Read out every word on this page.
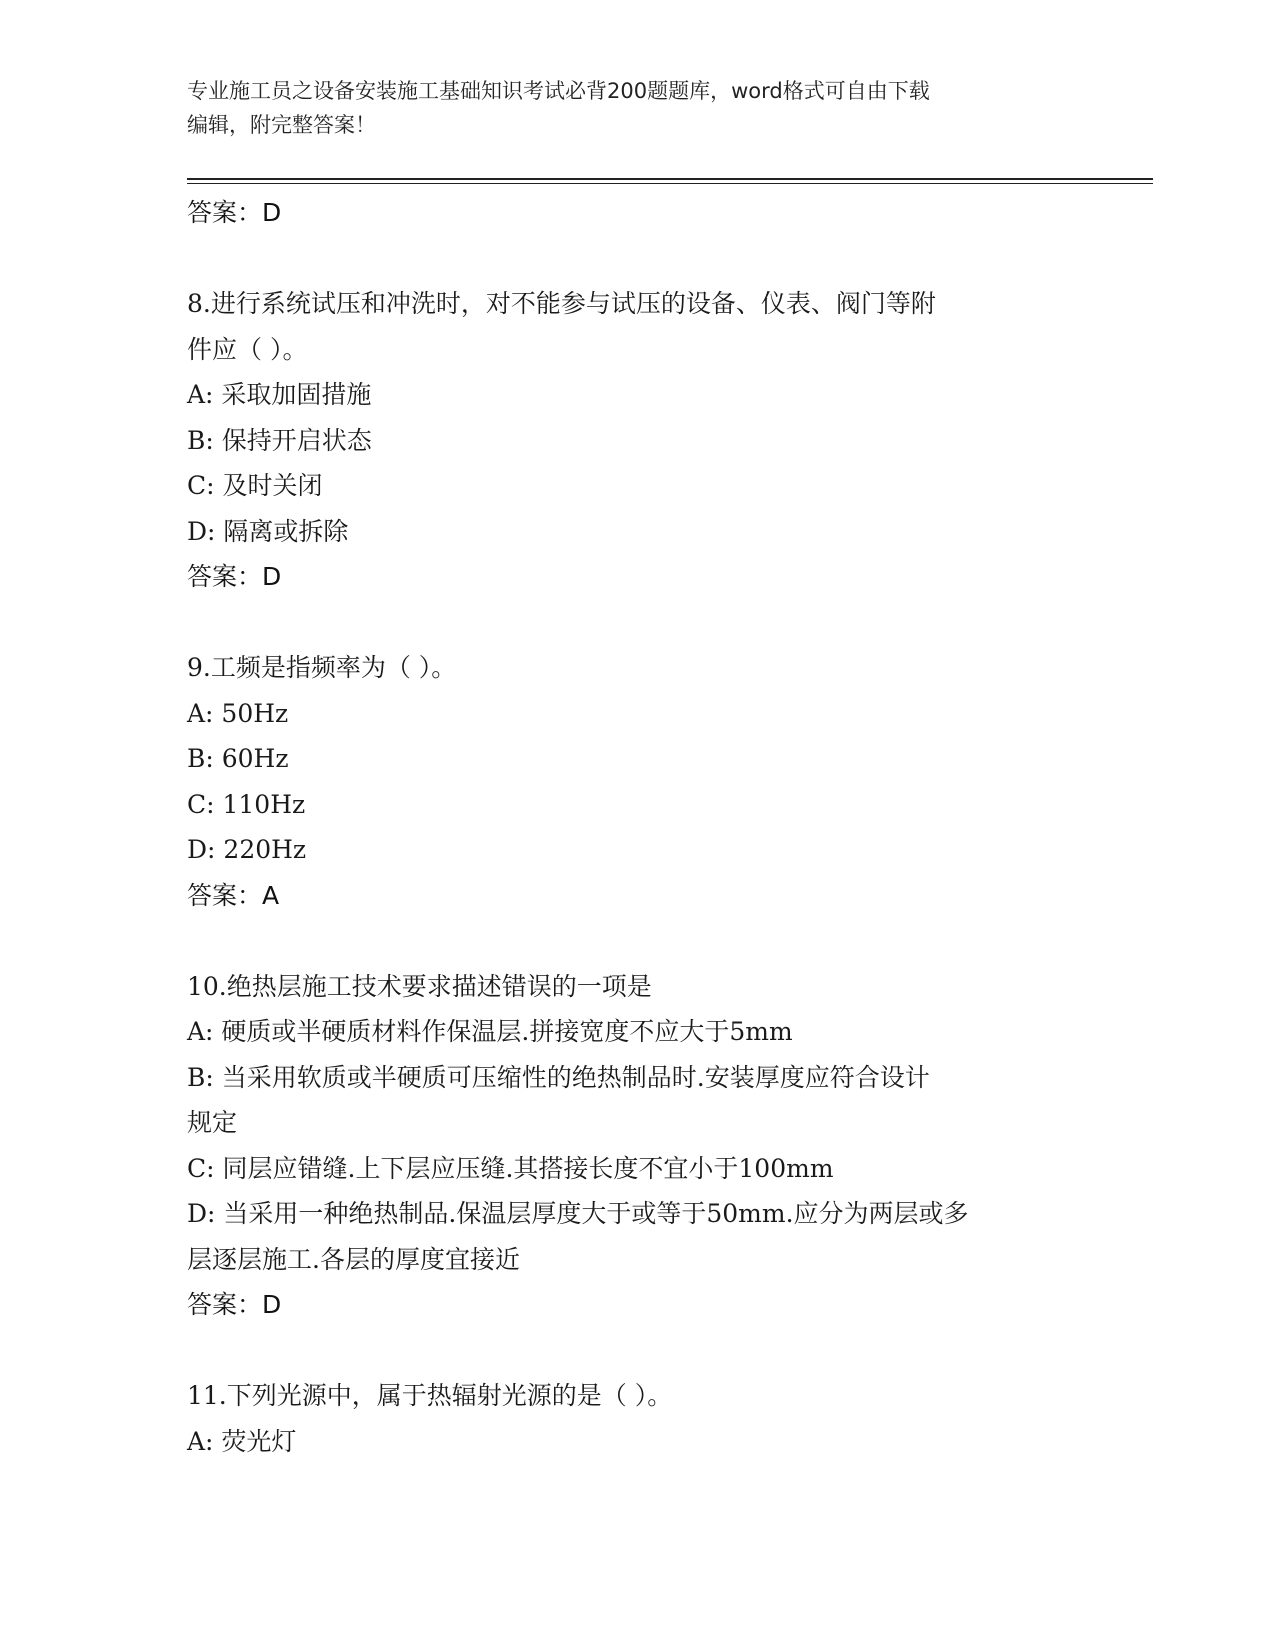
专业施工员之设备安装施工基础知识考试必背200题题库，word格式可自由下载
编辑，附完整答案！
答案：D
8.进行系统试压和冲洗时，对不能参与试压的设备、仪表、阀门等附
件应（ ）。
A: 采取加固措施
B: 保持开启状态
C: 及时关闭
D: 隔离或拆除
答案：D
9.工频是指频率为（ ）。
A: 50Hz
B: 60Hz
C: 110Hz
D: 220Hz
答案：A
10.绝热层施工技术要求描述错误的一项是
A: 硬质或半硬质材料作保温层.拼接宽度不应大于5mm
B: 当采用软质或半硬质可压缩性的绝热制品时.安装厚度应符合设计
规定
C: 同层应错缝.上下层应压缝.其搭接长度不宜小于100mm
D: 当采用一种绝热制品.保温层厚度大于或等于50mm.应分为两层或多
层逐层施工.各层的厚度宜接近
答案：D
11.下列光源中，属于热辐射光源的是（ ）。
A: 荧光灯
